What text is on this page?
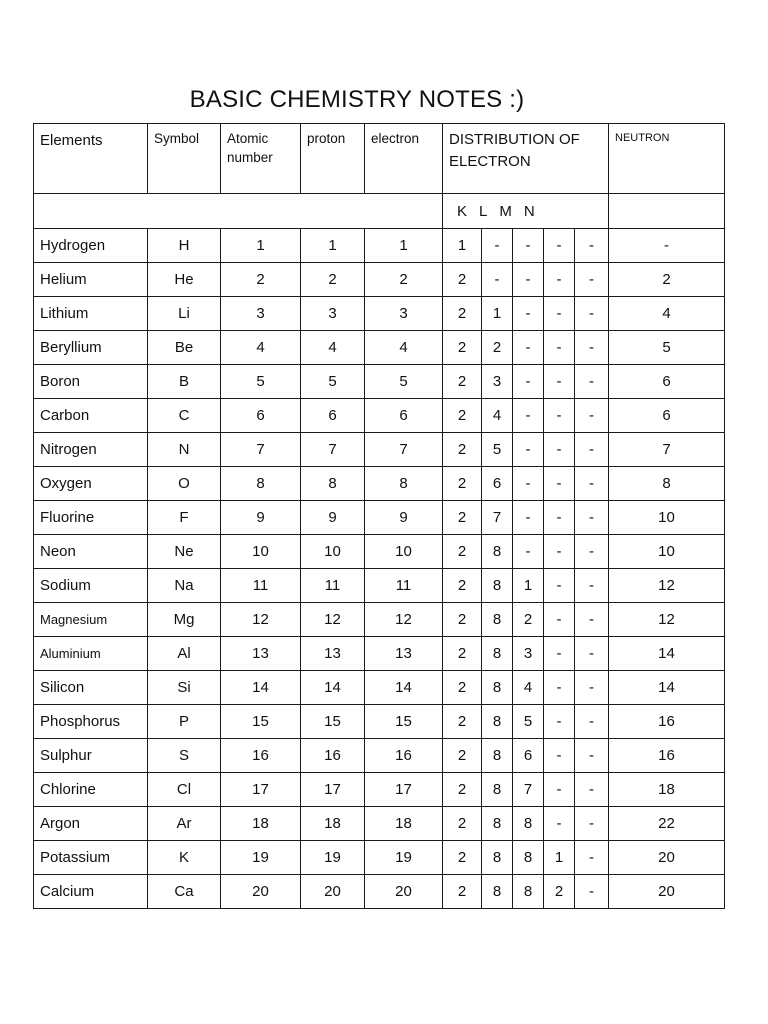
BASIC CHEMISTRY NOTES :)
Elements	Symbol	Atomic number	proton	electron	DISTRIBUTION OF ELECTRON					NEUTRON
					K L M N					
Hydrogen	H	1	1	1	1	-	-	-	-	-
Helium	He	2	2	2	2	-	-	-	-	2
Lithium	Li	3	3	3	2	1	-	-	-	4
Beryllium	Be	4	4	4	2	2	-	-	-	5
Boron	B	5	5	5	2	3	-	-	-	6
Carbon	C	6	6	6	2	4	-	-	-	6
Nitrogen	N	7	7	7	2	5	-	-	-	7
Oxygen	O	8	8	8	2	6	-	-	-	8
Fluorine	F	9	9	9	2	7	-	-	-	10
Neon	Ne	10	10	10	2	8	-	-	-	10
Sodium	Na	11	11	11	2	8	1	-	-	12
Magnesium	Mg	12	12	12	2	8	2	-	-	12
Aluminium	Al	13	13	13	2	8	3	-	-	14
Silicon	Si	14	14	14	2	8	4	-	-	14
Phosphorus	P	15	15	15	2	8	5	-	-	16
Sulphur	S	16	16	16	2	8	6	-	-	16
Chlorine	Cl	17	17	17	2	8	7	-	-	18
Argon	Ar	18	18	18	2	8	8	-	-	22
Potassium	K	19	19	19	2	8	8	1	-	20
Calcium	Ca	20	20	20	2	8	8	2	-	20
